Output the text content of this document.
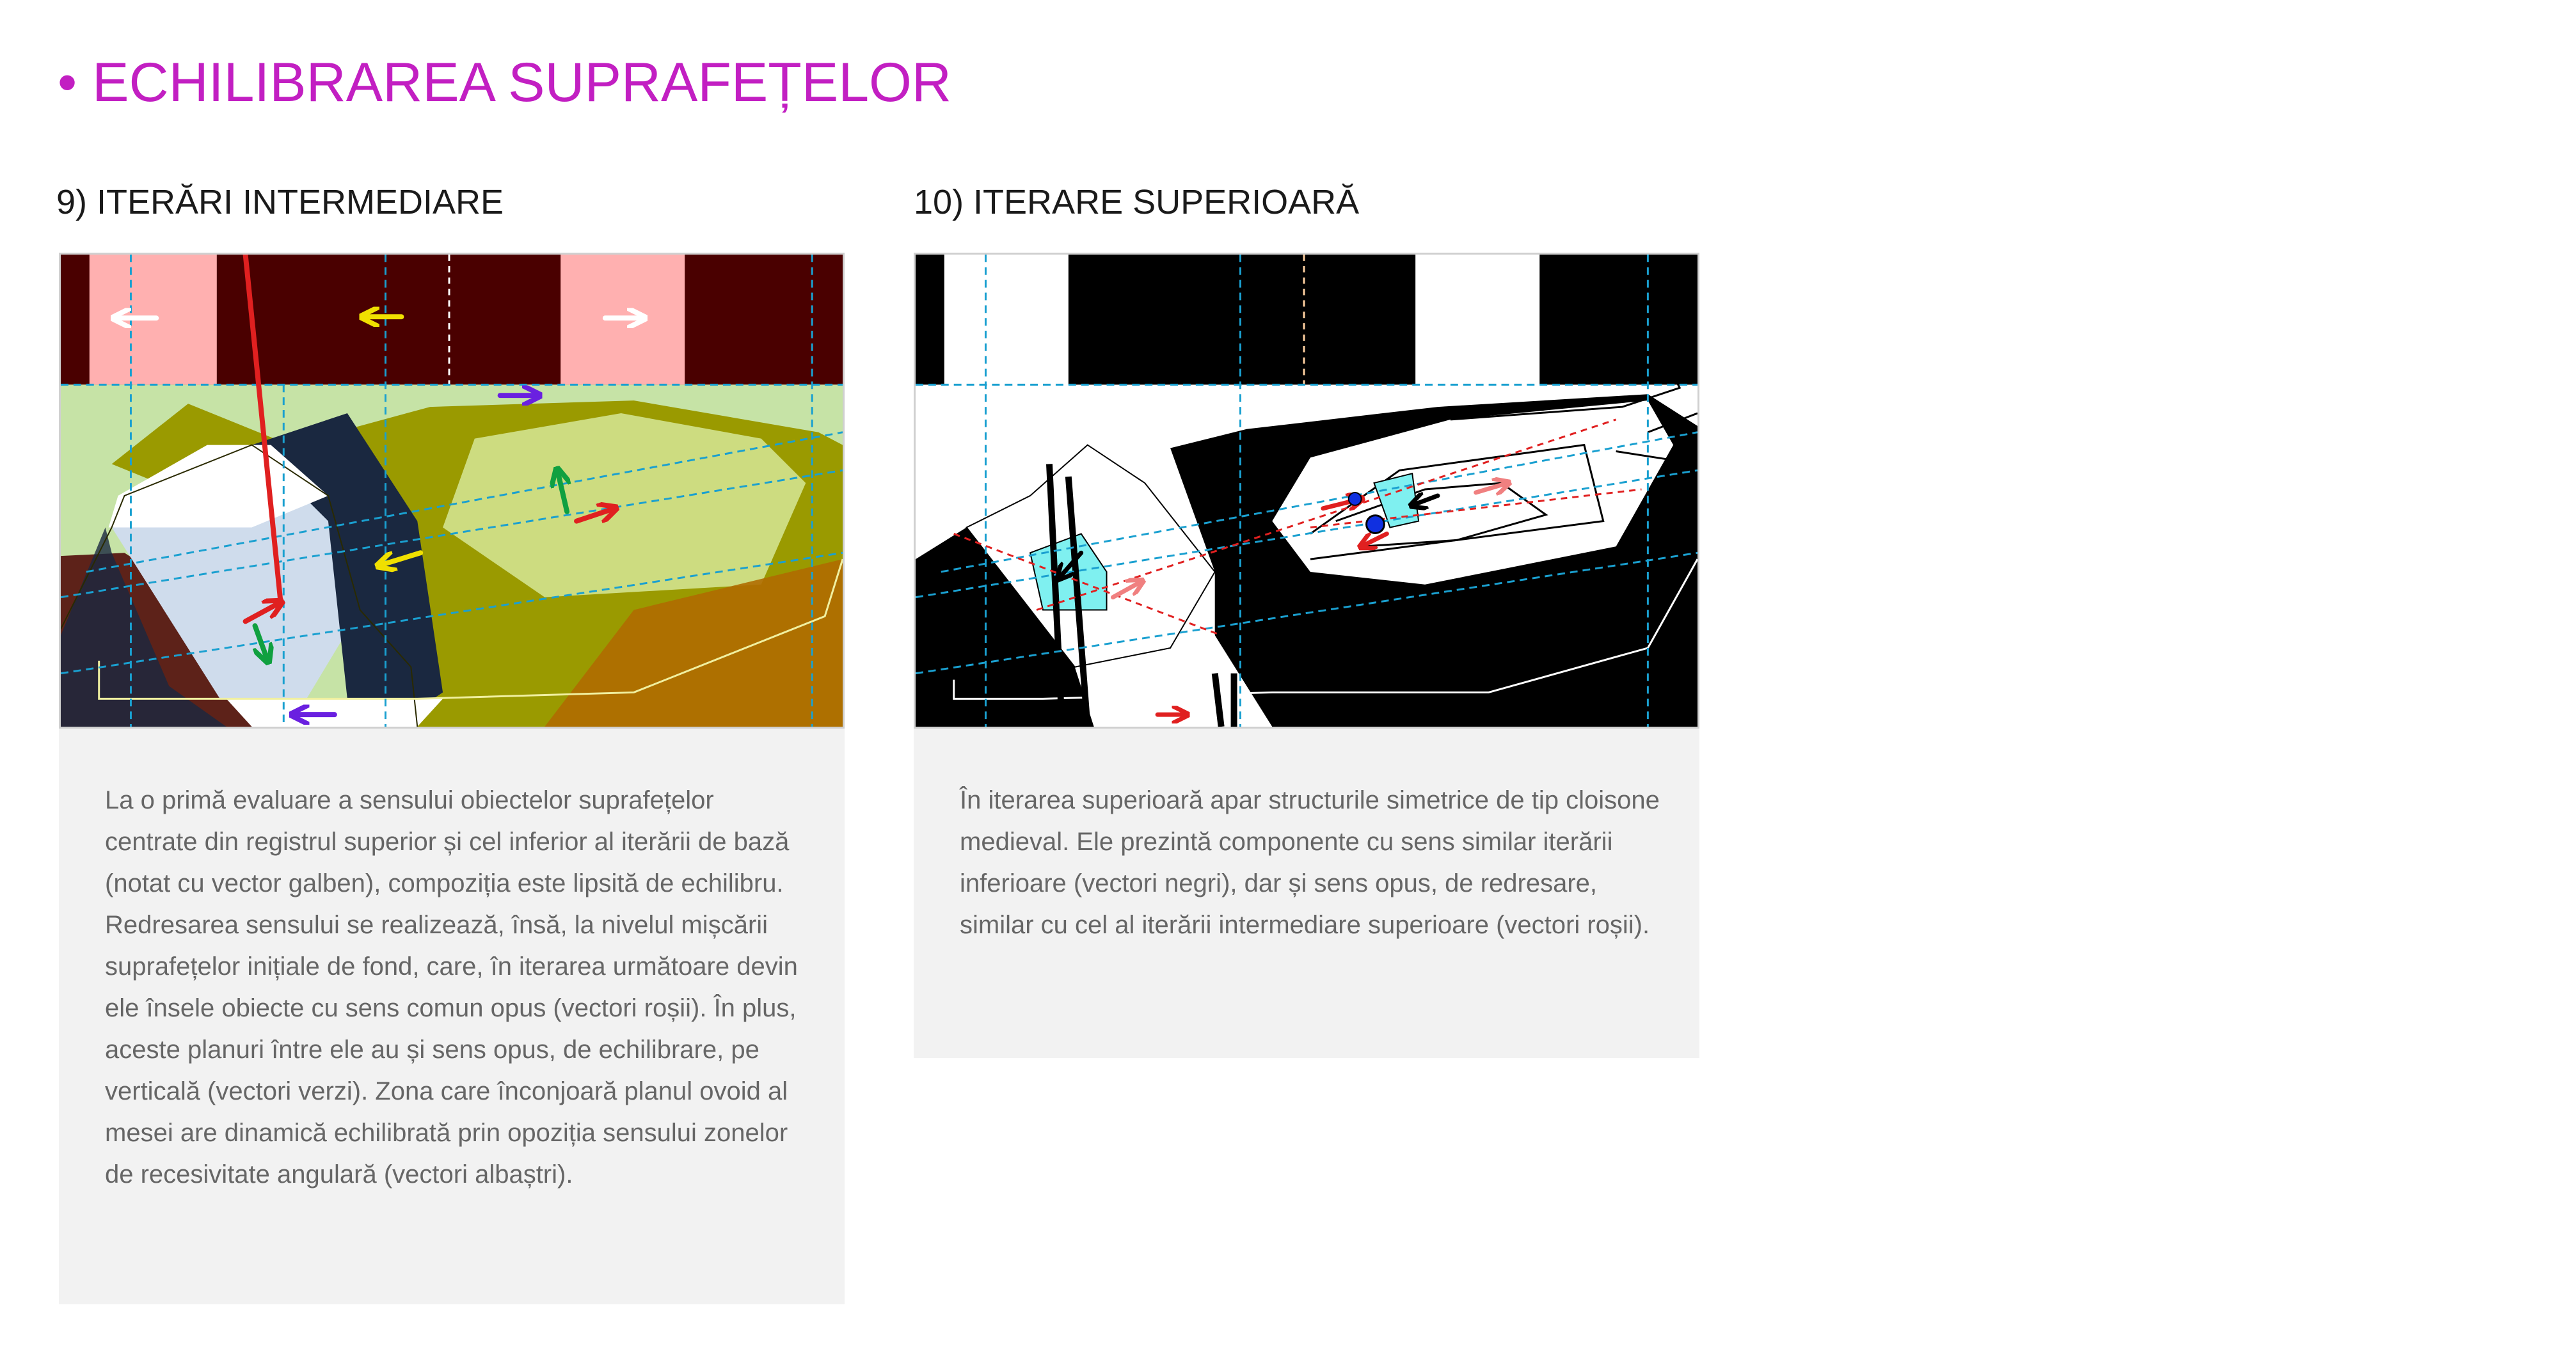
• ECHILIBRAREA SUPRAFEȚELOR
9) ITERĂRI INTERMEDIARE	10) ITERARE SUPERIOARĂ

La o primă evaluare a sensului obiectelor suprafețelor centrate din registrul superior și cel inferior al iterării de bază (notat cu vector galben), compoziția este lipsită de echilibru. Redresarea sensului se realizează, însă, la nivelul mișcării suprafețelor inițiale de fond, care, în iterarea următoare devin ele însele obiecte cu sens comun opus (vectori roșii). În plus, aceste planuri între ele au și sens opus, de echilibrare, pe verticală (vectori verzi). Zona care înconjoară planul ovoid al mesei are dinamică echilibrată prin opoziția sensului zonelor de recesivitate angulară (vectori albaștri).

În iterarea superioară apar structurile simetrice de tip cloisone medieval. Ele prezintă componente cu sens similar iterării inferioare (vectori negri), dar și sens opus, de redresare, similar cu cel al iterării intermediare superioare (vectori roșii).
